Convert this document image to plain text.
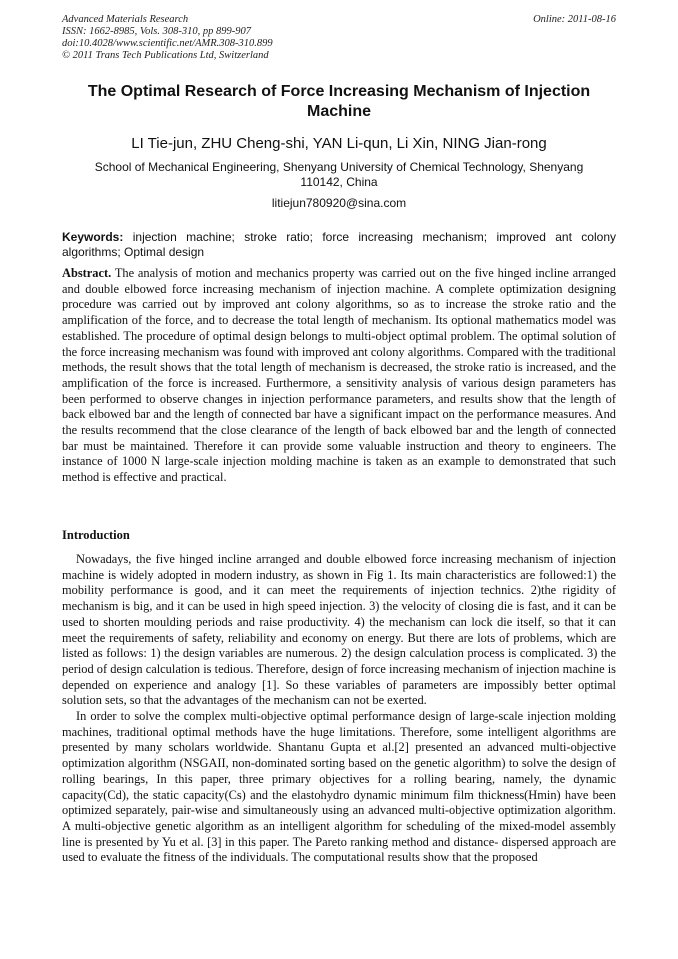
Advanced Materials Research
ISSN: 1662-8985, Vols. 308-310, pp 899-907
doi:10.4028/www.scientific.net/AMR.308-310.899
© 2011 Trans Tech Publications Ltd, Switzerland
Online: 2011-08-16
The Optimal Research of Force Increasing Mechanism of Injection Machine
LI Tie-jun, ZHU Cheng-shi, YAN Li-qun, Li Xin, NING Jian-rong
School of Mechanical Engineering, Shenyang University of Chemical Technology, Shenyang 110142, China
litiejun780920@sina.com
Keywords: injection machine; stroke ratio; force increasing mechanism; improved ant colony algorithms; Optimal design
Abstract. The analysis of motion and mechanics property was carried out on the five hinged incline arranged and double elbowed force increasing mechanism of injection machine. A complete optimization designing procedure was carried out by improved ant colony algorithms, so as to increase the stroke ratio and the amplification of the force, and to decrease the total length of mechanism. Its optional mathematics model was established. The procedure of optimal design belongs to multi-object optimal problem. The optimal solution of the force increasing mechanism was found with improved ant colony algorithms. Compared with the traditional methods, the result shows that the total length of mechanism is decreased, the stroke ratio is increased, and the amplification of the force is increased. Furthermore, a sensitivity analysis of various design parameters has been performed to observe changes in injection performance parameters, and results show that the length of back elbowed bar and the length of connected bar have a significant impact on the performance measures. And the results recommend that the close clearance of the length of back elbowed bar and the length of connected bar must be maintained. Therefore it can provide some valuable instruction and theory to engineers. The instance of 1000 N large-scale injection molding machine is taken as an example to demonstrated that such method is effective and practical.
Introduction

Nowadays, the five hinged incline arranged and double elbowed force increasing mechanism of injection machine is widely adopted in modern industry, as shown in Fig 1. Its main characteristics are followed:1) the mobility performance is good, and it can meet the requirements of injection technics. 2)the rigidity of mechanism is big, and it can be used in high speed injection. 3) the velocity of closing die is fast, and it can be used to shorten moulding periods and raise productivity. 4) the mechanism can lock die itself, so that it can meet the requirements of safety, reliability and economy on energy. But there are lots of problems, which are listed as follows: 1) the design variables are numerous. 2) the design calculation process is complicated. 3) the period of design calculation is tedious. Therefore, design of force increasing mechanism of injection machine is depended on experience and analogy [1]. So these variables of parameters are impossibly better optimal solution sets, so that the advantages of the mechanism can not be exerted.

In order to solve the complex multi-objective optimal performance design of large-scale injection molding machines, traditional optimal methods have the huge limitations. Therefore, some intelligent algorithms are presented by many scholars worldwide. Shantanu Gupta et al.[2] presented an advanced multi-objective optimization algorithm (NSGAII, non-dominated sorting based on the genetic algorithm) to solve the design of rolling bearings, In this paper, three primary objectives for a rolling bearing, namely, the dynamic capacity(Cd), the static capacity(Cs) and the elastohydro dynamic minimum film thickness(Hmin) have been optimized separately, pair-wise and simultaneously using an advanced multi-objective optimization algorithm. A multi-objective genetic algorithm as an intelligent algorithm for scheduling of the mixed-model assembly line is presented by Yu et al. [3] in this paper. The Pareto ranking method and distance- dispersed approach are used to evaluate the fitness of the individuals. The computational results show that the proposed
